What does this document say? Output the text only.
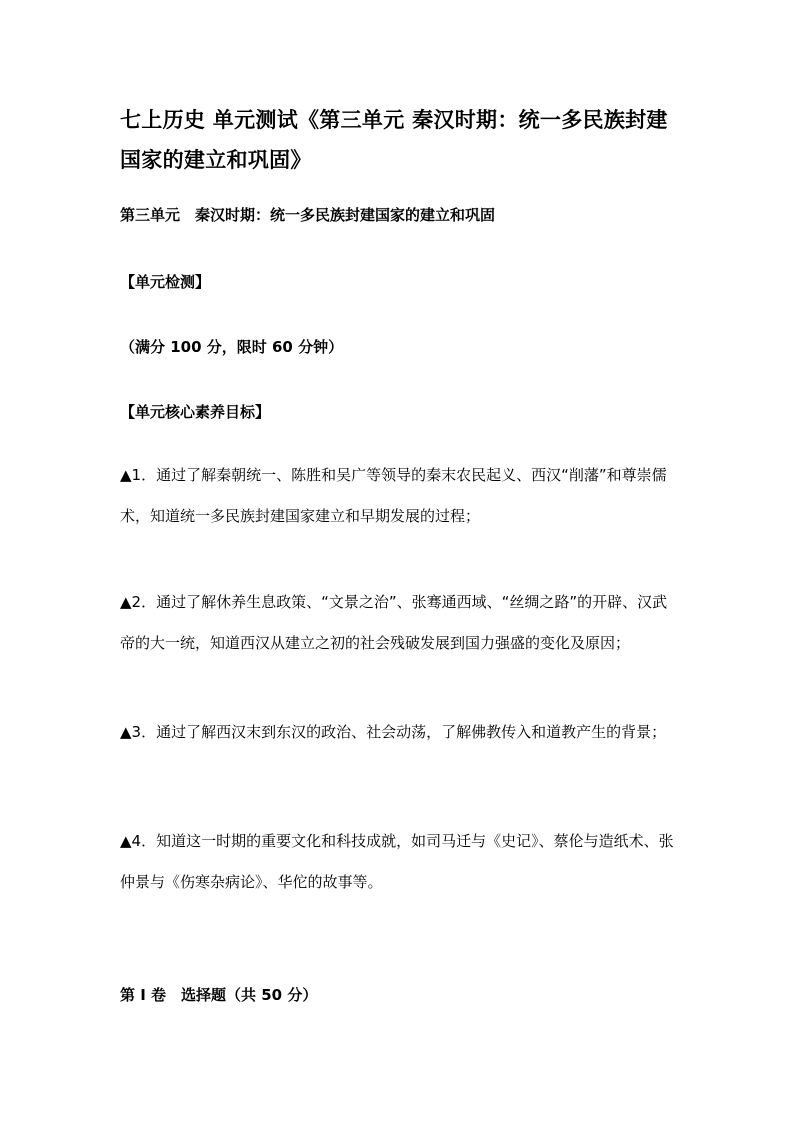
七上历史 单元测试《第三单元 秦汉时期：统一多民族封建国家的建立和巩固》
第三单元　秦汉时期：统一多民族封建国家的建立和巩固
【单元检测】
（满分 100 分，限时 60 分钟）
【单元核心素养目标】
▲1．通过了解秦朝统一、陈胜和吴广等领导的秦末农民起义、西汉“削藩”和尊崇儒术，知道统一多民族封建国家建立和早期发展的过程；
▲2．通过了解休养生息政策、“文景之治”、张骞通西域、“丝绸之路”的开辟、汉武帝的大一统，知道西汉从建立之初的社会残破发展到国力强盛的变化及原因；
▲3．通过了解西汉末到东汉的政治、社会动荡，了解佛教传入和道教产生的背景；
▲4．知道这一时期的重要文化和科技成就，如司马迁与《史记》、蔡伦与造纸术、张仲景与《伤寒杂病论》、华佗的故事等。
第 I 卷　选择题（共 50 分）
